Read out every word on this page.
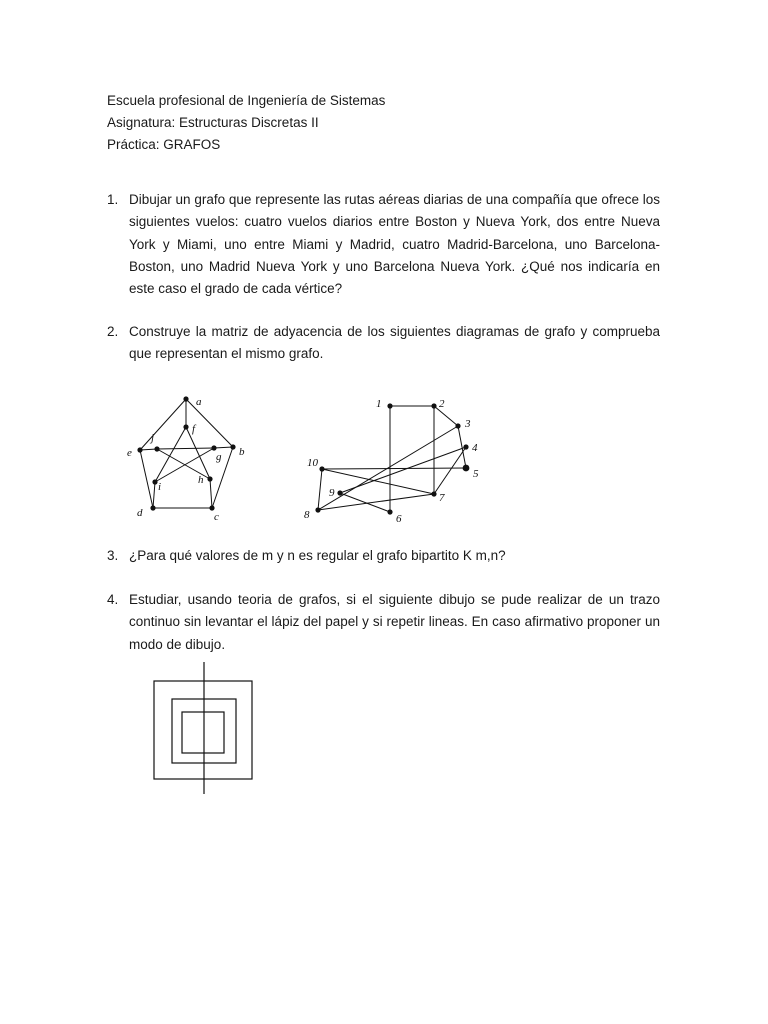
Escuela profesional de Ingeniería de Sistemas
Asignatura: Estructuras Discretas II
Práctica: GRAFOS
1. Dibujar un grafo que represente las rutas aéreas diarias de una compañía que ofrece los siguientes vuelos: cuatro vuelos diarios entre Boston y Nueva York, dos entre Nueva York y Miami, uno entre Miami y Madrid, cuatro Madrid-Barcelona, uno Barcelona-Boston, uno Madrid Nueva York y uno Barcelona Nueva York. ¿Qué nos indicaría en este caso el grado de cada vértice?
2. Construye la matriz de adyacencia de los siguientes diagramas de grafo y comprueba que representan el mismo grafo.
a
b
c
d
e
f
g
h
i
j
1	2
3
4
5
6
7
8
9
10
3. ¿Para qué valores de m y n es regular el grafo bipartito K m,n?
4. Estudiar, usando teoria de grafos, si el siguiente dibujo se pude realizar de un trazo continuo sin levantar el lápiz del papel y si repetir lineas. En caso afirmativo proponer un modo de dibujo.
